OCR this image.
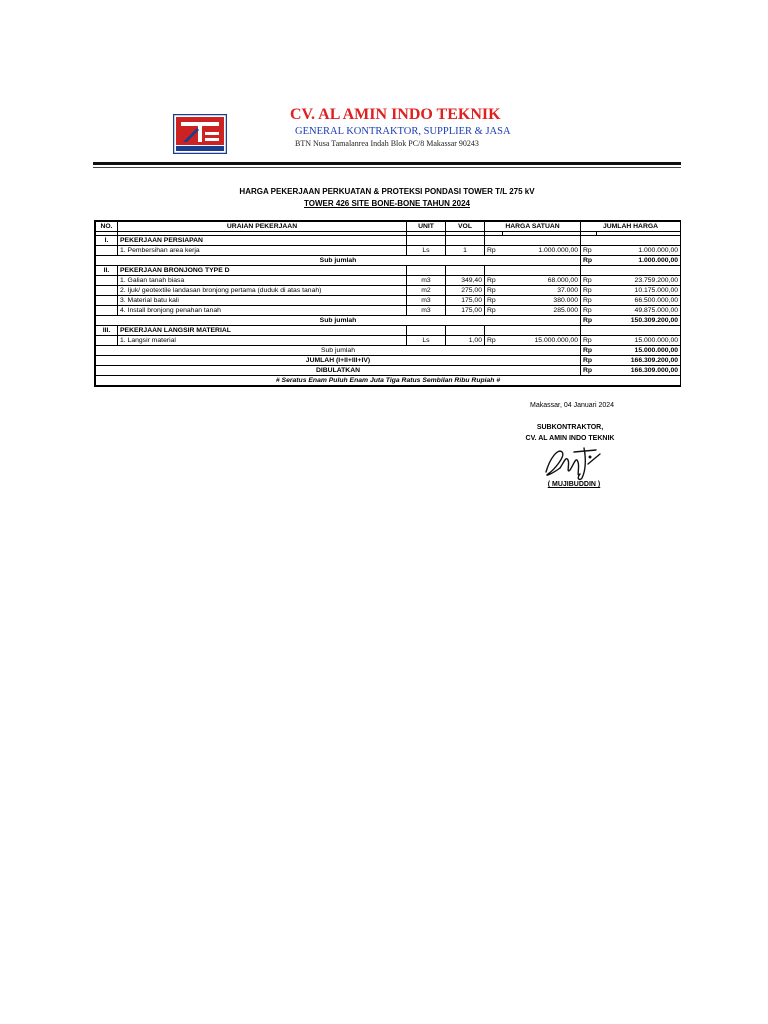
CV. AL AMIN INDO TEKNIK
GENERAL KONTRAKTOR, SUPPLIER & JASA
BTN Nusa Tamalanrea Indah Blok PC/8 Makassar 90243
HARGA PEKERJAAN PERKUATAN & PROTEKSI PONDASI TOWER T/L 275 kV
TOWER 426 SITE BONE-BONE TAHUN 2024
NO.	URAIAN PEKERJAAN	UNIT	VOL	HARGA SATUAN		JUMLAH HARGA	

I.	PEKERJAAN PERSIAPAN						
	1. Pembersihan area kerja	Ls	1	Rp	1.000.000,00	Rp	1.000.000,00
Sub jumlah						Rp	1.000.000,00
II.	PEKERJAAN BRONJONG TYPE D						
	1. Galian tanah biasa	m3	349,40	Rp	68.000,00	Rp	23.759.200,00
	2. Ijuk/ geotextile landasan bronjong pertama (duduk di atas tanah)	m2	275,00	Rp	37.000	Rp	10.175.000,00
	3. Material batu kali	m3	175,00	Rp	380.000	Rp	66.500.000,00
	4. Install bronjong penahan tanah	m3	175,00	Rp	285.000	Rp	49.875.000,00
Sub jumlah						Rp	150.309.200,00
III.	PEKERJAAN LANGSIR MATERIAL						
	1. Langsir material	Ls	1,00	Rp	15.000.000,00	Rp	15.000.000,00
Sub jumlah						Rp	15.000.000,00
JUMLAH (I+II+III+IV)						Rp	166.309.200,00
DIBULATKAN						Rp	166.309.000,00
# Seratus Enam Puluh Enam Juta Tiga Ratus Sembilan Ribu Rupiah #							
Makassar, 04 Januari 2024
SUBKONTRAKTOR,
CV. AL AMIN INDO TEKNIK
( MUJIBUDDIN )
